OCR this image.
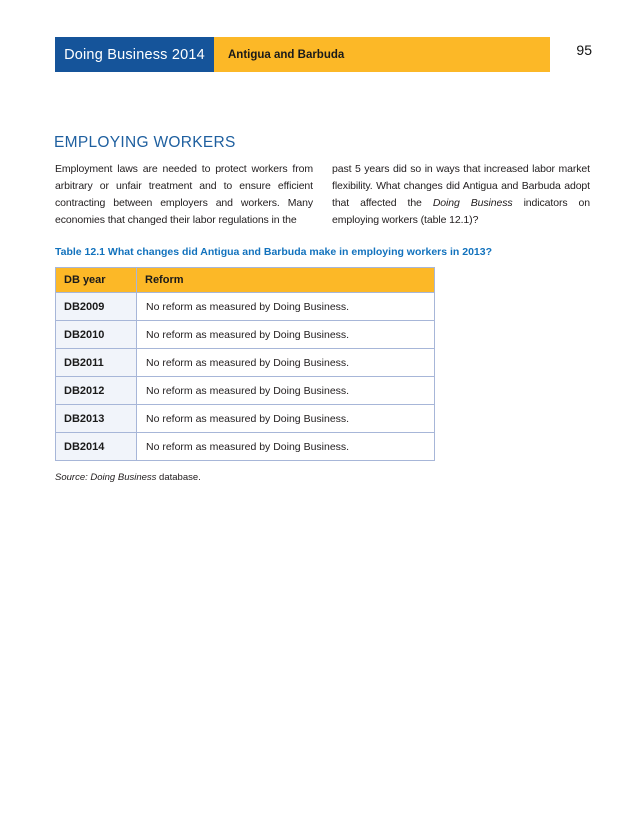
Doing Business 2014 Antigua and Barbuda	95
EMPLOYING WORKERS
Employment laws are needed to protect workers from arbitrary or unfair treatment and to ensure efficient contracting between employers and workers. Many economies that changed their labor regulations in the
past 5 years did so in ways that increased labor market flexibility. What changes did Antigua and Barbuda adopt that affected the Doing Business indicators on employing workers (table 12.1)?
Table 12.1 What changes did Antigua and Barbuda make in employing workers in 2013?
DB year	Reform
DB2009	No reform as measured by Doing Business.
DB2010	No reform as measured by Doing Business.
DB2011	No reform as measured by Doing Business.
DB2012	No reform as measured by Doing Business.
DB2013	No reform as measured by Doing Business.
DB2014	No reform as measured by Doing Business.
Source: Doing Business database.
